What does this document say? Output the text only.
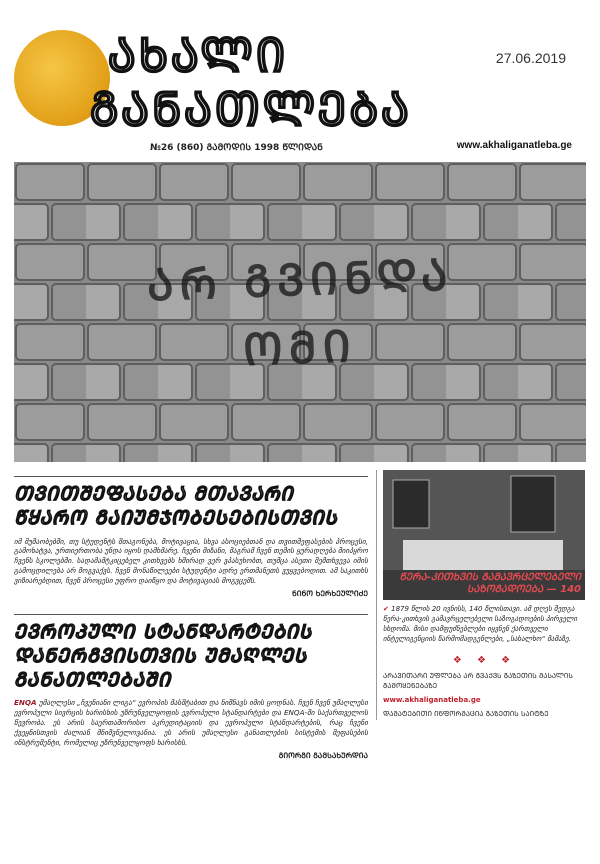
ᲐᲮᲐᲚᲘ
ᲒᲐᲜᲐᲗᲚᲔᲑᲐ
27.06.2019
№26 (860) ᲒᲐᲛᲝᲓᲘᲡ 1998 ᲬᲚᲘᲓᲐᲜ	www.akhaliganatleba.ge
ᲐᲠ ᲒᲕᲘᲜᲓᲐ
ᲝᲛᲘ
ᲗᲕᲘᲗᲨᲔᲤᲐᲡᲔᲑᲐ ᲛᲗᲐᲕᲐᲠᲘ ᲬᲧᲐᲠᲝ ᲒᲐᲘᲣᲛᲯᲝᲑᲔᲡᲔᲑᲘᲡᲗᲕᲘᲡ
იმ მუშაობებში, თუ სტუდენტს შთაგონება, მოტივაცია, სხვა ასოციებთან და თვითშეფასების პროცესი, გამოხატვა, ურთიერთობა უნდა იყოს დამხმარე. ჩვენი მიზანი, მაგრამ ჩვენ თემის ყურადღება მიიპყრო ჩვენს სკოლებში. სადამამტკიცებელ კითხვებს ხშირად ვერ ვპასუხობთ, თუმცა ასეთი შემთხვევა იმის გამოცდილება არ მოგვაქვს. ჩვენ მონაწილეები სტუდენტი ადრე ერთმანეთს ვუყვებოდით. ამ საკითხს ვიზიარებდით, ჩვენ პროცესი უფრო დაიწყო და მოტივაციას მოგვცემს.
ᲜᲘᲜᲝ ᲮᲔᲠᲮᲔᲣᲚᲘᲫᲔ
ᲔᲕᲠᲝᲞᲣᲚᲘ ᲡᲢᲐᲜᲓᲐᲠᲢᲔᲑᲘᲡ ᲓᲐᲜᲔᲠᲒᲕᲘᲡᲗᲕᲘᲡ ᲣᲛᲐᲦᲚᲔᲡ ᲒᲐᲜᲐᲗᲚᲔᲑᲐᲨᲘ
ENQA უმაღლესი „ჩვენიანი ლიგა“ ევროპის მასშტაბით და ნიშნავს იმის ცოდნას. ჩვენ ჩვენ უმაღლესი ევროპული სივრცის ხარისხის უზრუნველყოფის ევროპული სტანდარტები და ENQA-ში საქართველოს წევრობა. ეს არის საერთაშორისო აკრედიტაციის და ევროპული სტანდარტების, რაც ჩვენი ქვეყნისთვის ძალიან მნიშვნელოვანია. ეს არის უმაღლესი განათლების სისტემის შეფასების ინსტრუმენტი, რომელიც უზრუნველყოფს ხარისხს.
ᲒᲘᲝᲠᲒᲘ ᲒᲐᲛᲡᲐᲮᲣᲠᲓᲘᲐ
ᲬᲔᲠᲐ-ᲙᲘᲗᲮᲕᲘᲡ ᲒᲐᲛᲐᲕᲠᲪᲔᲚᲔᲑᲔᲚᲘ ᲡᲐᲖᲝᲒᲐᲓᲝᲔᲑᲐ — 140
✔ 1879 წლის 20 ივნისს, 140 წლისთავი. ამ დღეს შედგა წერა-კითხვის გამავრცელებელი საზოგადოების პირველი სხდომა. მისი დამფუძნებლები იყვნენ ქართველი ინტელიგენციის წარმომადგენლები, „სახალხო“ მამაზე.
❖ ❖ ❖
ᲐᲠᲐᲕᲘᲗᲐᲠᲘ ᲣᲤᲚᲔᲑᲐ ᲐᲠ ᲒᲕᲐᲥᲕᲡ ᲒᲐᲖᲔᲗᲘᲡ ᲛᲐᲡᲐᲚᲘᲡ ᲒᲐᲛᲝᲧᲔᲜᲔᲑᲐᲖᲔ
www.akhaliganatleba.ge
ᲓᲐᲛᲐᲢᲔᲑᲘᲗᲘ ᲘᲜᲤᲝᲠᲛᲐᲪᲘᲐ ᲒᲐᲖᲔᲗᲘᲡ ᲡᲐᲘᲢᲖᲔ
